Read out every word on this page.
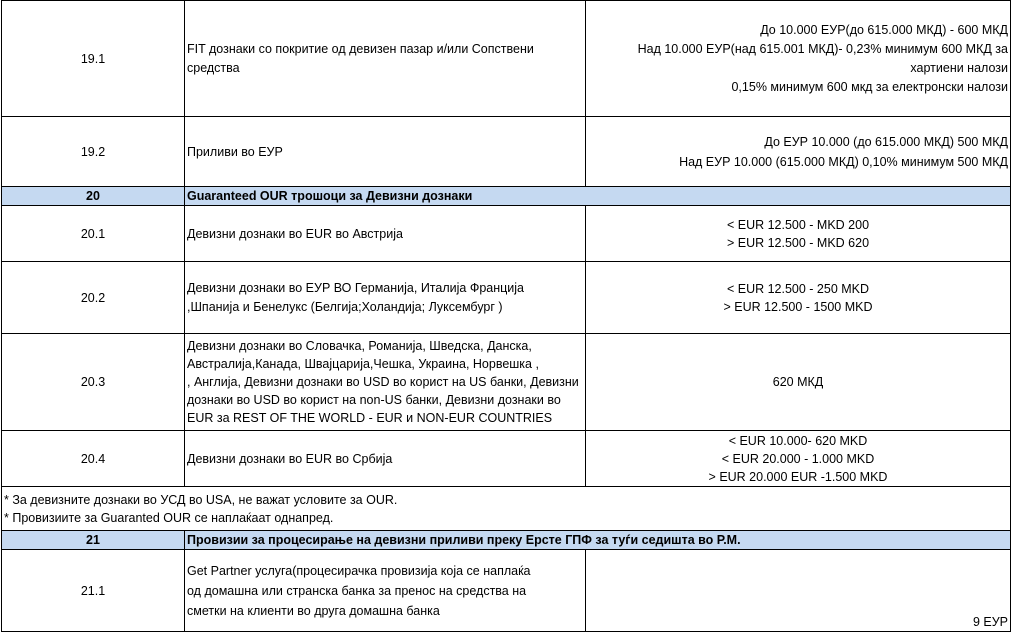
19.1	FIT дознаки со покритие од девизен пазар и/или Сопствени
средства	До 10.000 ЕУР(до 615.000 МКД) - 600 МКД
Над 10.000 ЕУР(над 615.001 МКД)- 0,23% минимум 600 МКД за
хартиени налози
0,15% минимум 600 мкд за електронски налози

19.2	Приливи во ЕУР	До ЕУР 10.000 (до 615.000 МКД) 500 МКД
Над ЕУР 10.000 (615.000 МКД) 0,10% минимум 500 МКД

20	Guaranteed OUR трошоци за Девизни дознаки	
20.1	Девизни дознаки во EUR во Австрија	< EUR 12.500 - MKD 200
> EUR 12.500 - MKD 620

20.2	Девизни дознаки во ЕУР ВО Германија, Италија Франција
,Шпанија и Бенелукс (Белгија;Холандија; Луксембург )	< EUR 12.500 - 250 MKD
> EUR 12.500 - 1500 MKD

20.3	Девизни дознаки во Словачка, Романија, Шведска, Данска,
Австралија,Канада, Швајцарија,Чешка, Украина, Норвешка ,
, Англија, Девизни дознаки во USD во корист на US банки, Девизни
дознаки во USD во корист на non-US банки, Девизни дознаки во
EUR за REST OF THE WORLD - EUR и NON-EUR COUNTRIES	620 МКД

20.4	Девизни дознаки во EUR во Србија	< EUR 10.000- 620 MKD
< EUR 20.000 - 1.000 MKD
> EUR 20.000 EUR -1.500 MKD

* За девизните дознаки во УСД во USA, не важат условите за OUR.
* Провизиите за Guaranted OUR се наплаќаат однапред.		

21	Провизии за процесирање на девизни приливи преку Ерсте ГПФ за туѓи седишта во Р.М.	
21.1	Get Partner услуга(процесирачка провизија која се наплаќа
од домашна или странска банка за пренос на средства на
сметки на клиенти во друга домашна банка	9 ЕУР
